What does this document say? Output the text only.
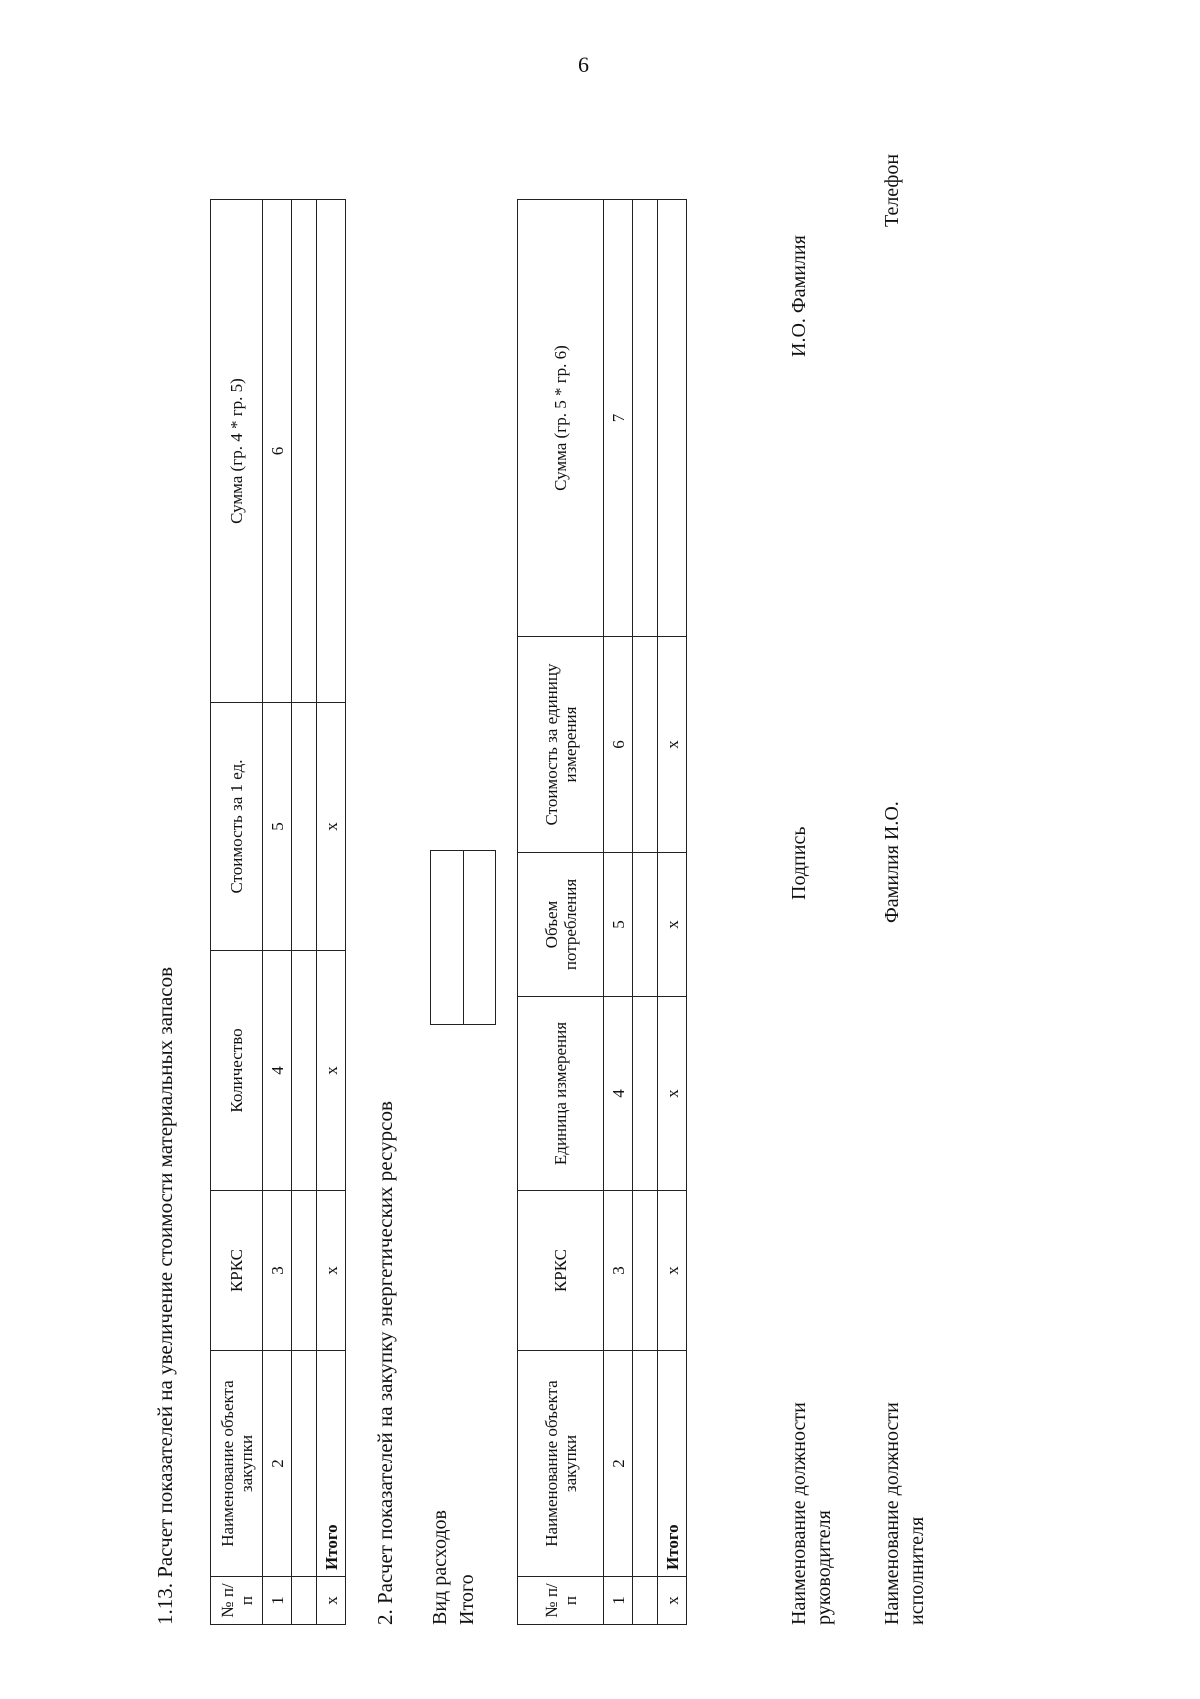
6
1.13. Расчет показателей на увеличение стоимости материальных запасов № п/п	Наименование объекта закупки	КРКС	Количество	Стоимость за 1 ед.	Сумма (гр. 4 * гр. 5)
1	2	3	4	5	6

x	Итого	x	x	x	
2. Расчет показателей на закупку энергетических ресурсов Вид расходов Итого	№ п/п	Наименование объекта закупки	КРКС	Единица измерения	Объем потребления	Стоимость за единицу измерения	Сумма (гр. 5 * гр. 6)
1	2	3	4	5	6	7

x	Итого	x	x	x	x	
Наименование должности руководителя
Подпись
И.О. Фамилия
Наименование должности исполнителя
Фамилия И.О.
Телефон
